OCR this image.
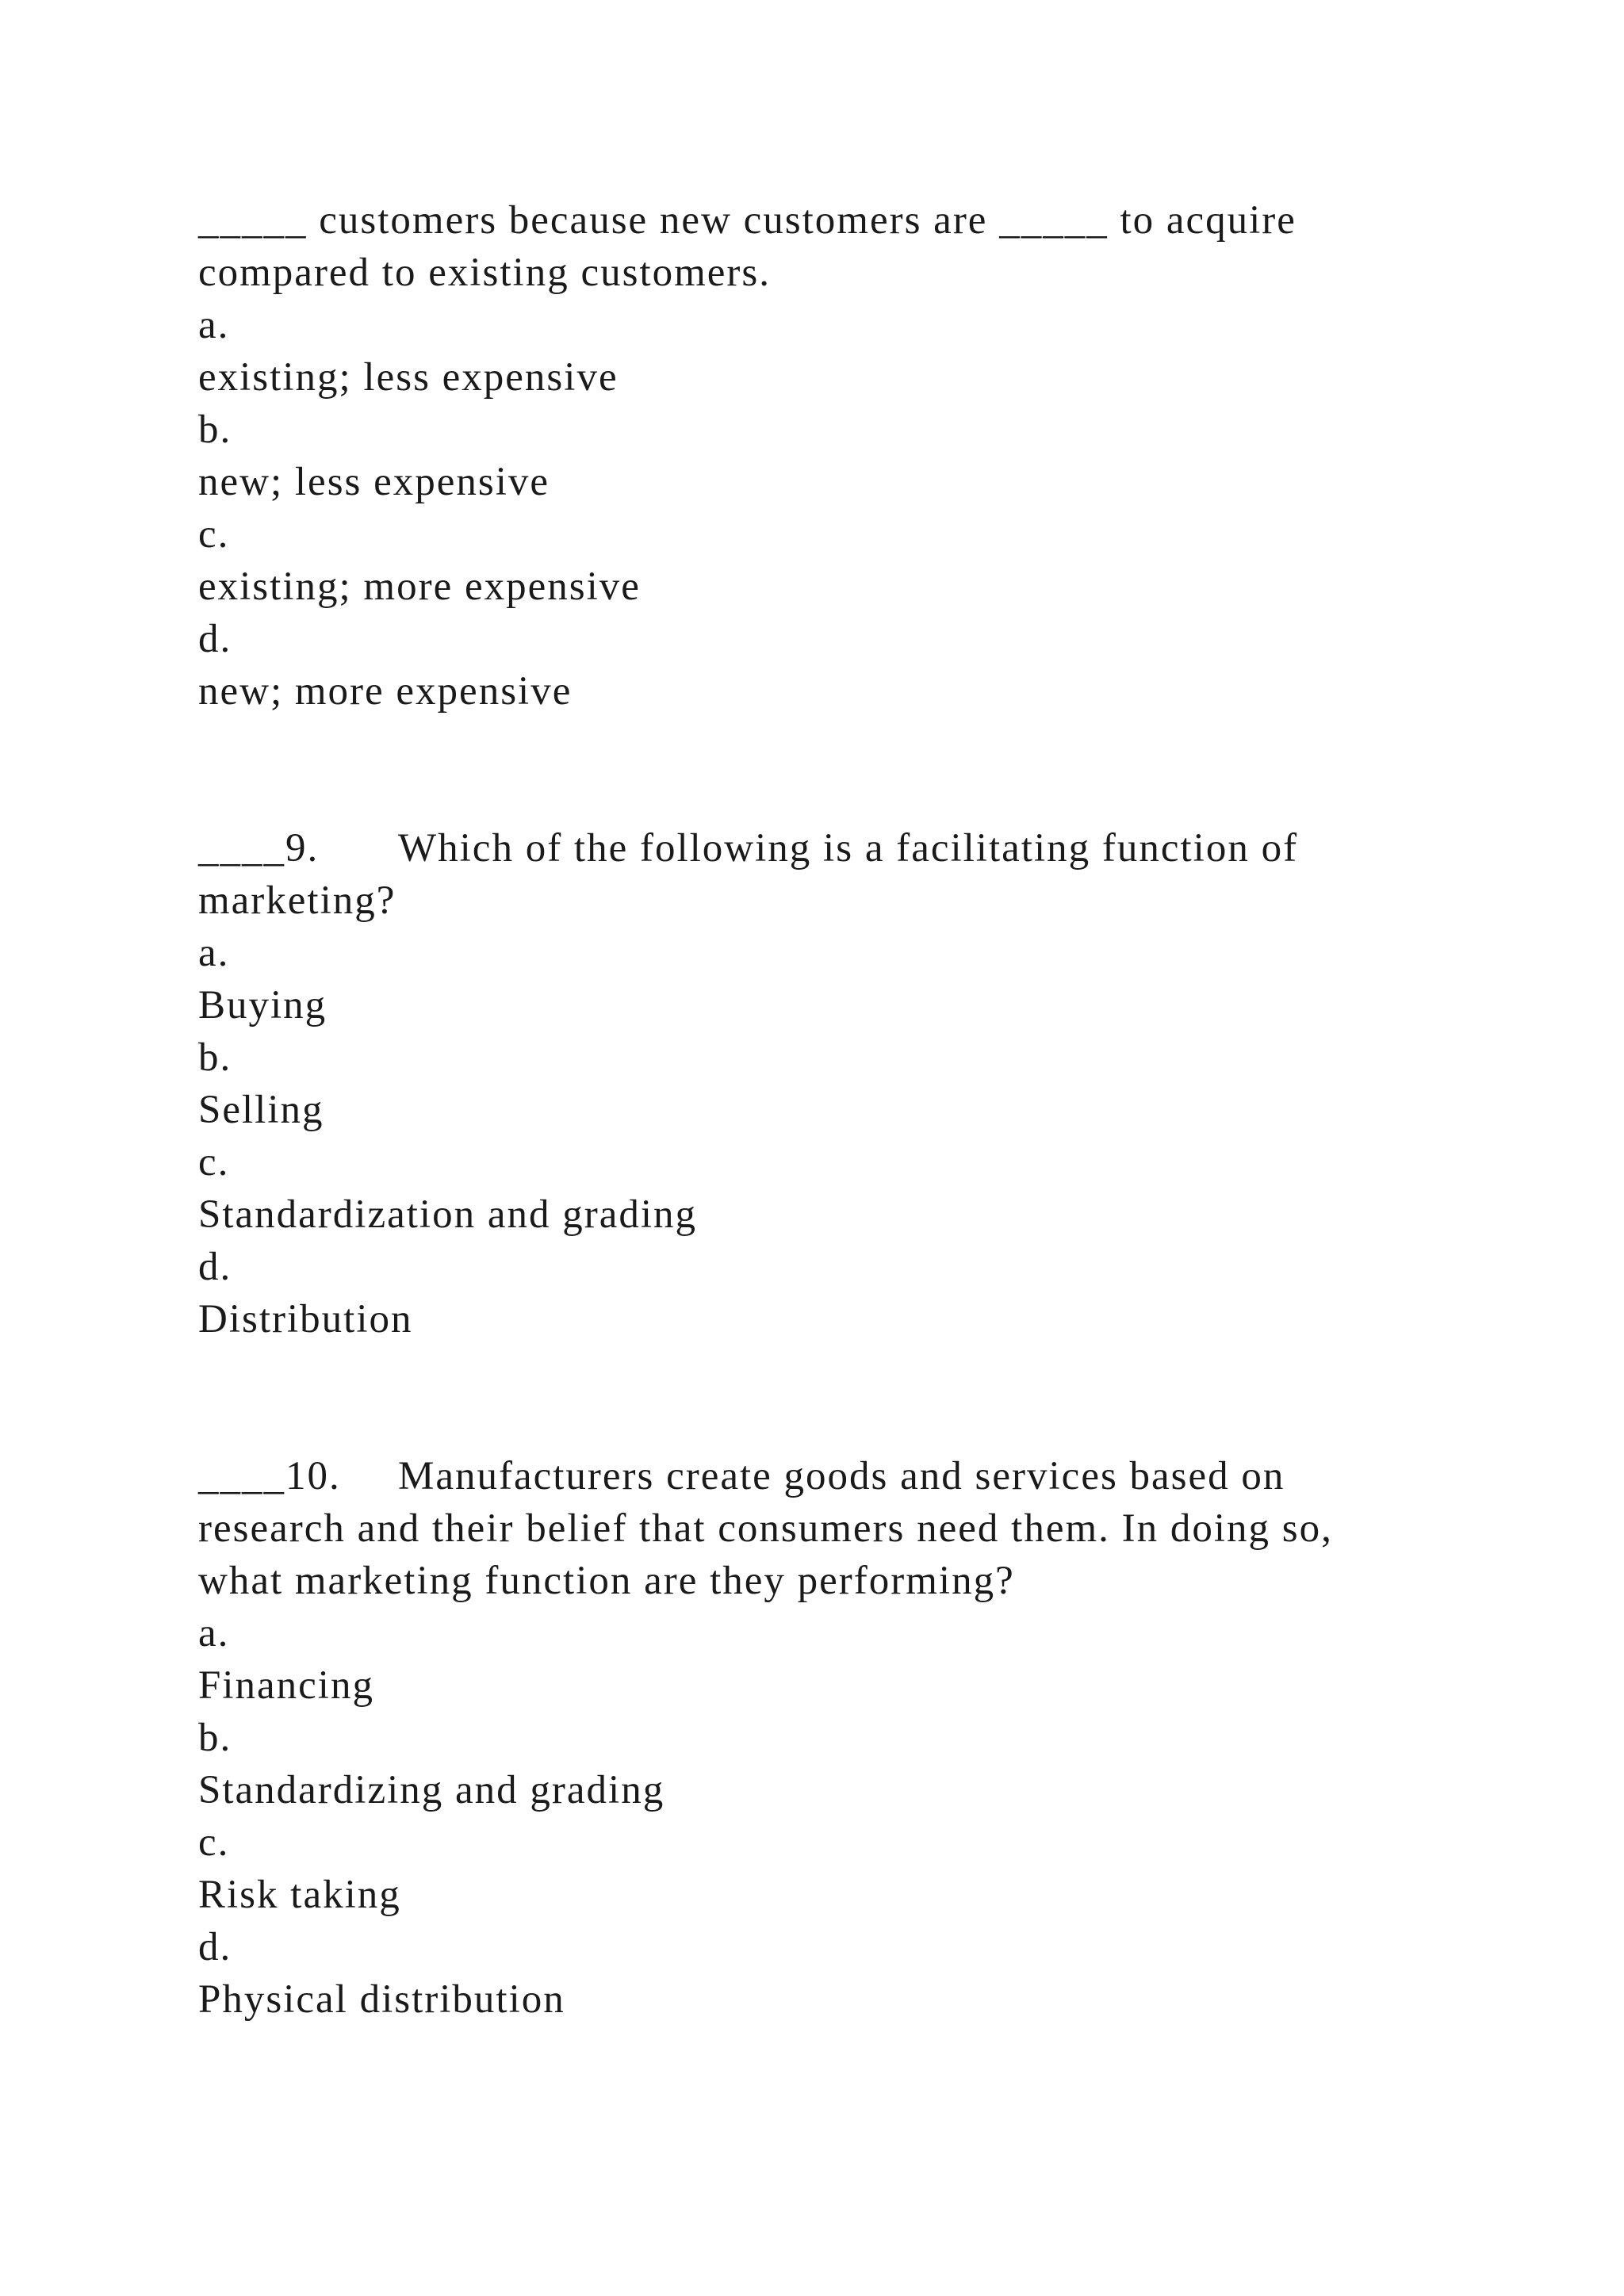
_____ customers because new customers are _____ to acquire
compared to existing customers.
a.
existing; less expensive
b.
new; less expensive
c.
existing; more expensive
d.
new; more expensive
____9. Which of the following is a facilitating function of
marketing?
a.
Buying
b.
Selling
c.
Standardization and grading
d.
Distribution
____10. Manufacturers create goods and services based on
research and their belief that consumers need them. In doing so,
what marketing function are they performing?
a.
Financing
b.
Standardizing and grading
c.
Risk taking
d.
Physical distribution
